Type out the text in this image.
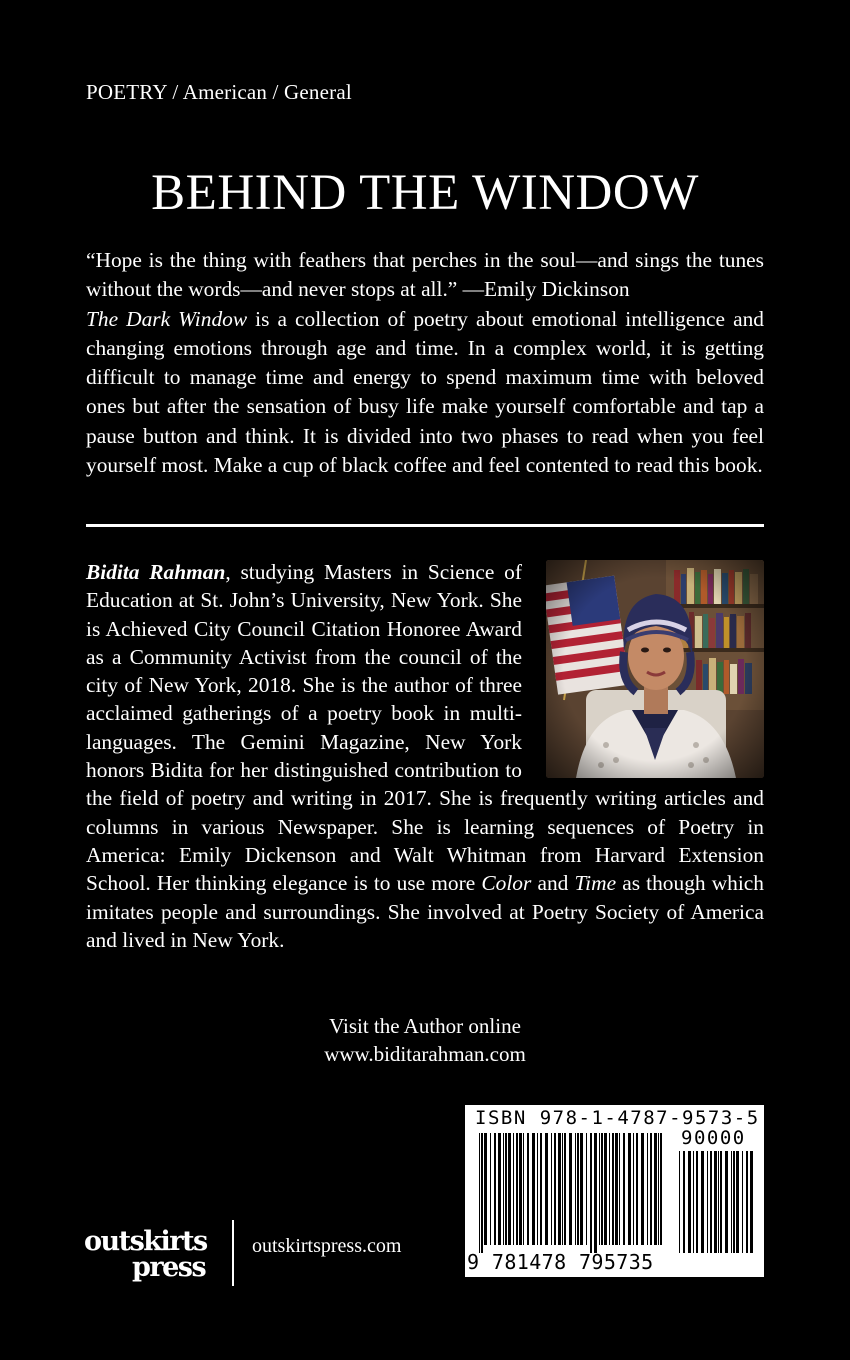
POETRY / American / General
BEHIND THE WINDOW

“Hope is the thing with feathers that perches in the soul—and sings the tunes without the words—and never stops at all.” —Emily Dickinson

The Dark Window is a collection of poetry about emotional intelligence and changing emotions through age and time. In a complex world, it is getting difficult to manage time and energy to spend maximum time with beloved ones but after the sensation of busy life make yourself comfortable and tap a pause button and think. It is divided into two phases to read when you feel yourself most. Make a cup of black coffee and feel contented to read this book.

Bidita Rahman, studying Masters in Science of Education at St. John’s University, New York. She is Achieved City Council Citation Honoree Award as a Community Activist from the council of the city of New York, 2018. She is the author of three acclaimed gatherings of a poetry book in multi-languages. The Gemini Magazine, New York honors Bidita for her distinguished contribution to the field of poetry and writing in 2017. She is frequently writing articles and columns in various Newspaper. She is learning sequences of Poetry in America: Emily Dickenson and Walt Whitman from Harvard Extension School. Her thinking elegance is to use more Color and Time as though which imitates people and surroundings. She involved at Poetry Society of America and lived in New York.

Visit the Author online
www.biditarahman.com
outskirts
press
outskirtspress.com
ISBN 978-1-4787-9573-5
90000
9 781478 795735
